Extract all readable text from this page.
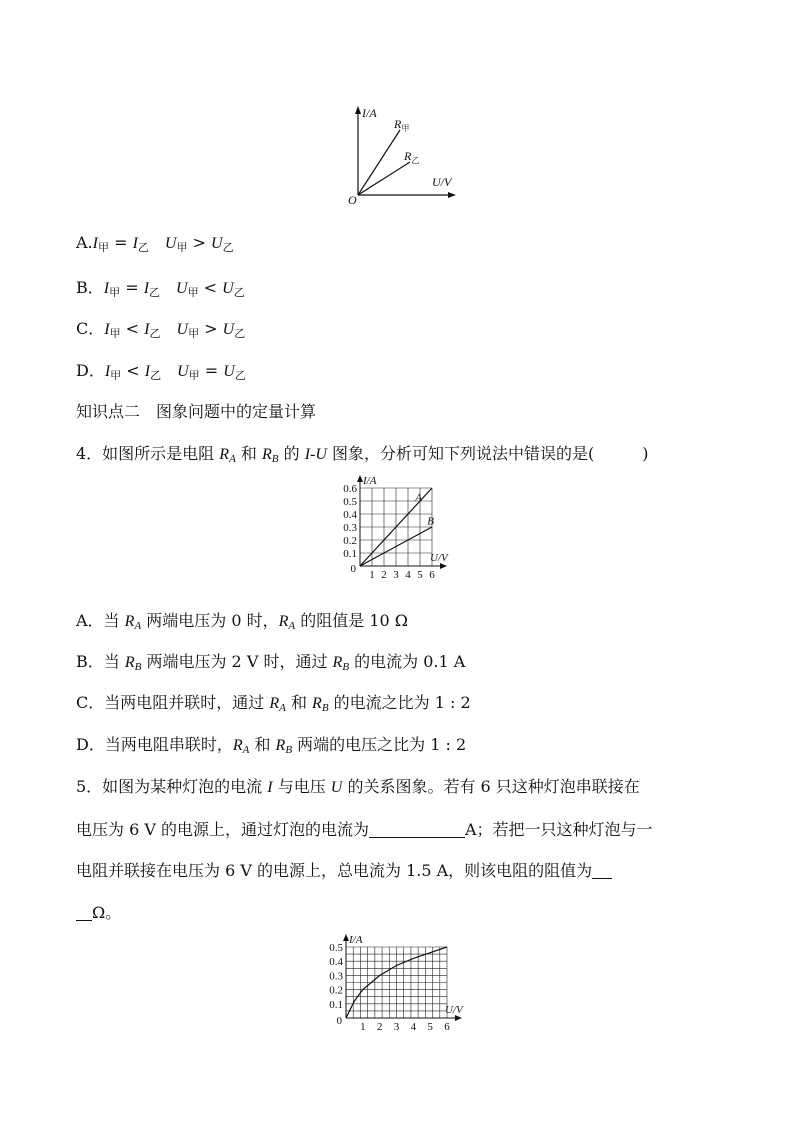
I/A
U/V
O
$R_甲$
$R_乙$
A.I甲 = I乙  U甲 > U乙
B．I甲 = I乙  U甲 < U乙
C．I甲 < I乙  U甲 > U乙
D．I甲 < I乙  U甲 = U乙
知识点二　图象问题中的定量计算
4．如图所示是电阻 RA 和 RB 的 I-U 图象，分析可知下列说法中错误的是(　　　)
1 2 3 4 5 6
0.1
0.2
0.3
0.4
0.5
0.6
0
I/A
U/V
A
B
A．当 RA 两端电压为 0 时，RA 的阻值是 10 Ω
B．当 RB 两端电压为 2 V 时，通过 RB 的电流为 0.1 A
C．当两电阻并联时，通过 RA 和 RB 的电流之比为 1 : 2
D．当两电阻串联时，RA 和 RB 两端的电压之比为 1 : 2
5．如图为某种灯泡的电流 I 与电压 U 的关系图象。若有 6 只这种灯泡串联接在
电压为 6 V 的电源上，通过灯泡的电流为	A；若把一只这种灯泡与一
电阻并联接在电压为 6 V 的电源上，总电流为 1.5 A，则该电阻的阻值为
Ω。
1 2 3 4 5 6
0.1
0.2
0.3
0.4
0.5
0
I/A
U/V
